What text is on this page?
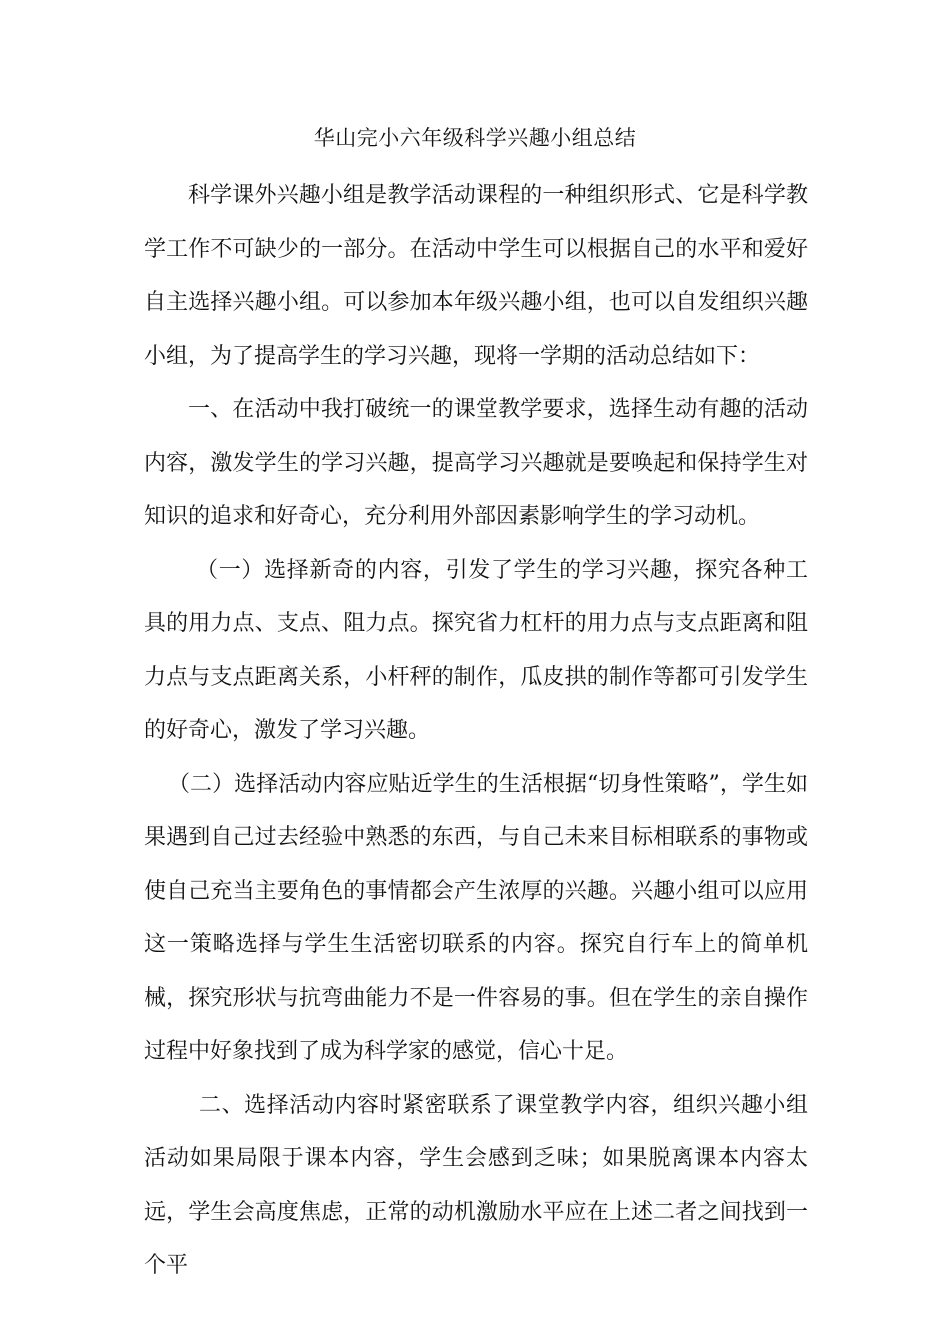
华山完小六年级科学兴趣小组总结

科学课外兴趣小组是教学活动课程的一种组织形式、它是科学教学工作不可缺少的一部分。在活动中学生可以根据自己的水平和爱好自主选择兴趣小组。可以参加本年级兴趣小组，也可以自发组织兴趣小组，为了提高学生的学习兴趣，现将一学期的活动总结如下：

一、在活动中我打破统一的课堂教学要求，选择生动有趣的活动内容，激发学生的学习兴趣，提高学习兴趣就是要唤起和保持学生对知识的追求和好奇心，充分利用外部因素影响学生的学习动机。

（一）选择新奇的内容，引发了学生的学习兴趣，探究各种工具的用力点、支点、阻力点。探究省力杠杆的用力点与支点距离和阻力点与支点距离关系，小杆秤的制作，瓜皮拱的制作等都可引发学生的好奇心，激发了学习兴趣。

（二）选择活动内容应贴近学生的生活根据“切身性策略”，学生如果遇到自己过去经验中熟悉的东西，与自己未来目标相联系的事物或使自己充当主要角色的事情都会产生浓厚的兴趣。兴趣小组可以应用这一策略选择与学生生活密切联系的内容。探究自行车上的简单机械，探究形状与抗弯曲能力不是一件容易的事。但在学生的亲自操作过程中好象找到了成为科学家的感觉，信心十足。

二、选择活动内容时紧密联系了课堂教学内容，组织兴趣小组活动如果局限于课本内容，学生会感到乏味；如果脱离课本内容太远，学生会高度焦虑，正常的动机激励水平应在上述二者之间找到一个平
